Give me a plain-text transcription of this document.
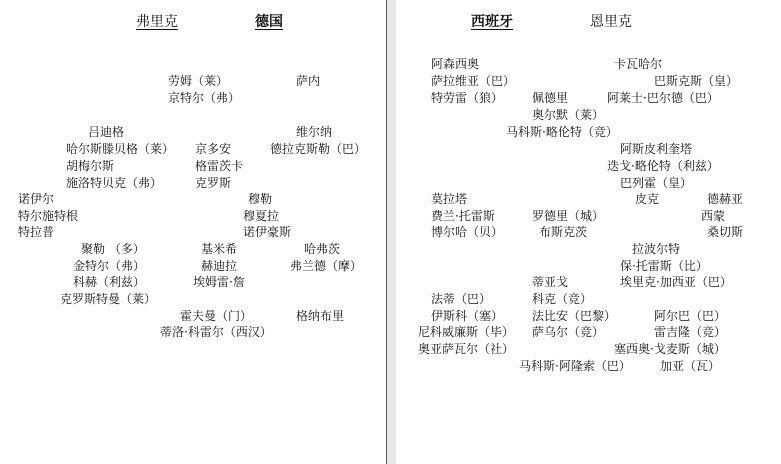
弗里克	德国
劳姆（莱）	萨内
京特尔（弗）
吕迪格	维尔纳
哈尔斯滕贝格（莱） 京多安	德拉克斯勒（巴）
胡梅尔斯	格雷茨卡
施洛特贝克（弗）	克罗斯
诺伊尔	穆勒
特尔施特根	穆夏拉
特拉普	诺伊豪斯
聚勒 （多）	基米希	哈弗茨
金特尔（弗）	赫迪拉	弗兰德（摩）
科赫（利兹）	埃姆雷·詹
克罗斯特曼（莱）
霍夫曼（门）	格纳布里
蒂洛·科雷尔（西汉）
西班牙	恩里克
阿森西奥	卡瓦哈尔
萨拉维亚（巴）	巴斯克斯（皇）
特劳雷（狼） 佩德里	阿莱士·巴尔德（巴）
奥尔默（莱）
马科斯·略伦特（竞）
阿斯皮利奎塔
迭戈·略伦特（利兹）
巴列霍（皇）
莫拉塔	皮克	德赫亚
费兰·托雷斯	罗德里（城）	西蒙
博尔哈（贝）	布斯克茨	桑切斯
拉波尔特
保·托雷斯（比）
蒂亚戈	埃里克·加西亚（巴）
法蒂（巴）	科克（竞）
伊斯科（塞） 法比安（巴黎）	阿尔巴（巴）
尼科威廉斯（毕） 萨乌尔（竞）	雷吉隆（竞）
奥亚萨瓦尔（社）	塞西奥·戈麦斯（城）
马科斯·阿隆索（巴） 加亚（瓦）
